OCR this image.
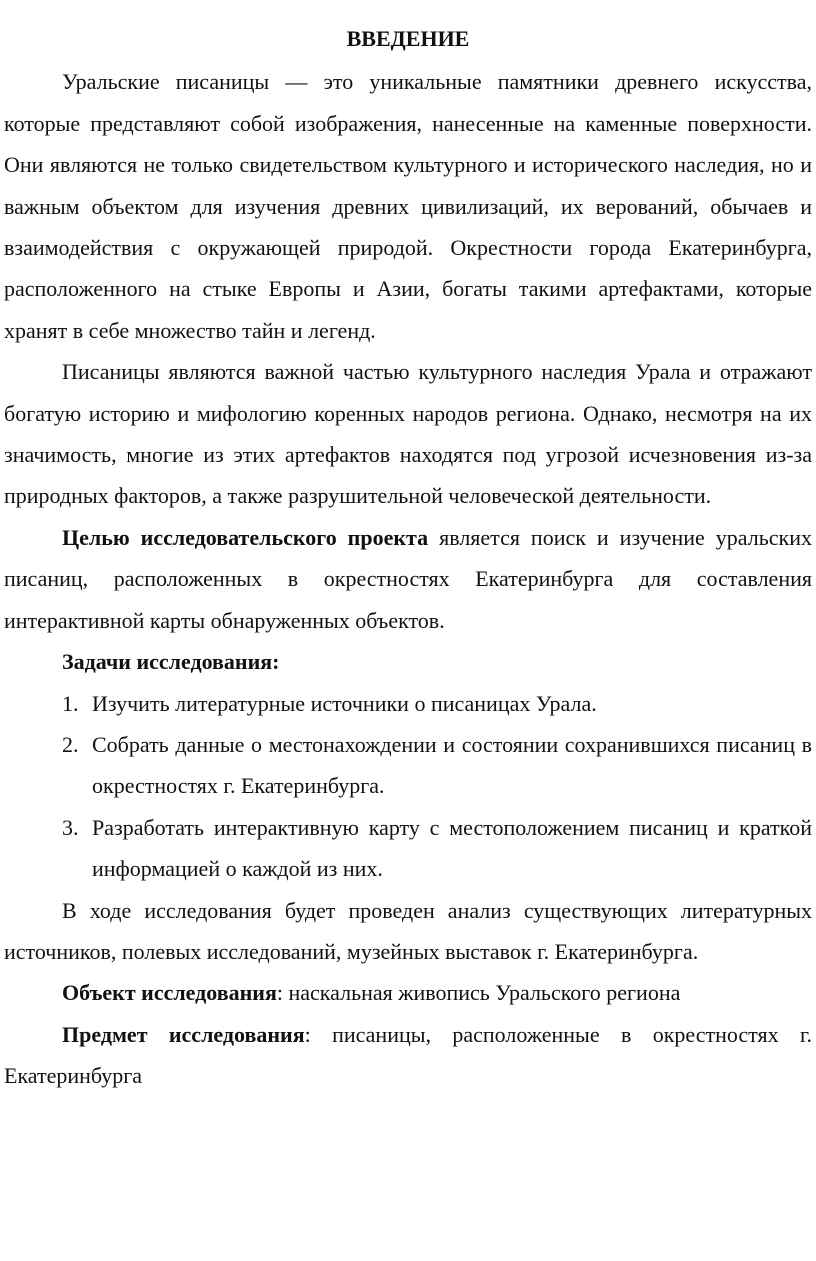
ВВЕДЕНИЕ

Уральские писаницы — это уникальные памятники древнего искусства, которые представляют собой изображения, нанесенные на каменные поверхности. Они являются не только свидетельством культурного и исторического наследия, но и важным объектом для изучения древних цивилизаций, их верований, обычаев и взаимодействия с окружающей природой. Окрестности города Екатеринбурга, расположенного на стыке Европы и Азии, богаты такими артефактами, которые хранят в себе множество тайн и легенд.

Писаницы являются важной частью культурного наследия Урала и отражают богатую историю и мифологию коренных народов региона. Однако, несмотря на их значимость, многие из этих артефактов находятся под угрозой исчезновения из-за природных факторов, а также разрушительной человеческой деятельности.

Целью исследовательского проекта является поиск и изучение уральских писаниц, расположенных в окрестностях Екатеринбурга для составления интерактивной карты обнаруженных объектов.

Задачи исследования:

1. Изучить литературные источники о писаницах Урала.
2. Собрать данные о местонахождении и состоянии сохранившихся писаниц в окрестностях г. Екатеринбурга.
3. Разработать интерактивную карту с местоположением писаниц и краткой информацией о каждой из них.

В ходе исследования будет проведен анализ существующих литературных источников, полевых исследований, музейных выставок г. Екатеринбурга.

Объект исследования: наскальная живопись Уральского региона

Предмет исследования: писаницы, расположенные в окрестностях г. Екатеринбурга
